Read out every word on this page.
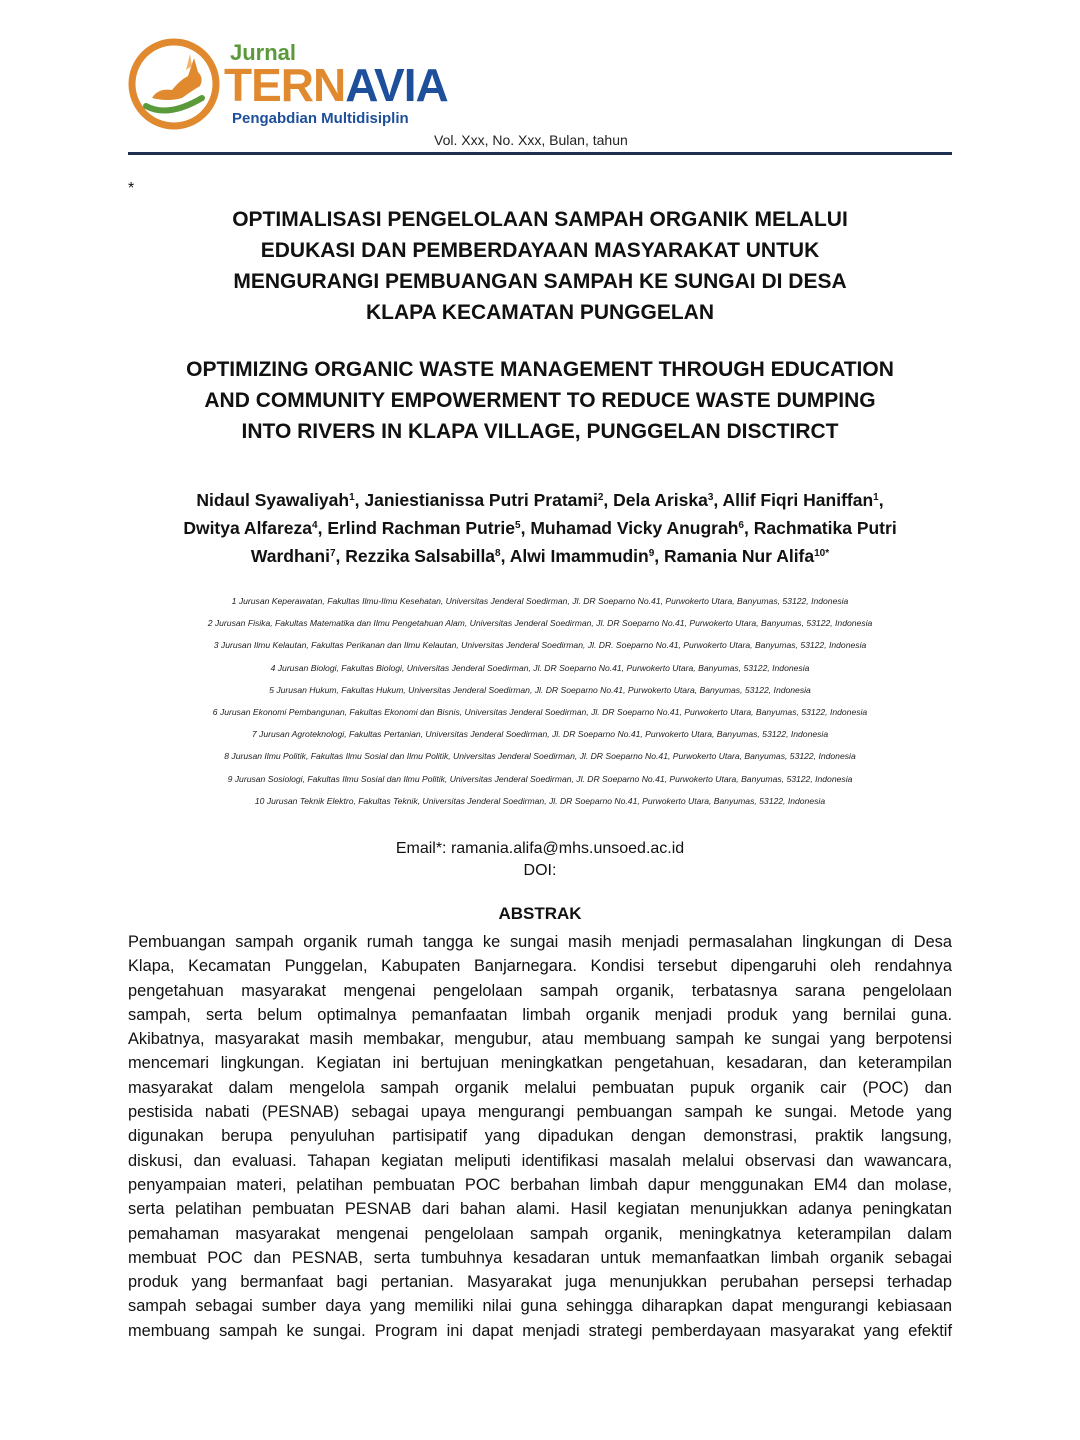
Jurnal
TERNAVIA
Pengabdian Multidisiplin
Vol. Xxx, No. Xxx, Bulan, tahun
*
OPTIMALISASI PENGELOLAAN SAMPAH ORGANIK MELALUI
EDUKASI DAN PEMBERDAYAAN MASYARAKAT UNTUK
MENGURANGI PEMBUANGAN SAMPAH KE SUNGAI DI DESA
KLAPA KECAMATAN PUNGGELAN
OPTIMIZING ORGANIC WASTE MANAGEMENT THROUGH EDUCATION
AND COMMUNITY EMPOWERMENT TO REDUCE WASTE DUMPING
INTO RIVERS IN KLAPA VILLAGE, PUNGGELAN DISCTIRCT
Nidaul Syawaliyah$^1$, Janiestianissa Putri Pratami$^2$, Dela Ariska$^3$, Allif Fiqri Haniffan$^1$,
Dwitya Alfareza$^4$, Erlind Rachman Putrie$^5$, Muhamad Vicky Anugrah$^6$, Rachmatika Putri
Wardhani$^7$, Rezzika Salsabilla$^8$, Alwi Imammudin$^9$, Ramania Nur Alifa$^{10*}$
1 Jurusan Keperawatan, Fakultas Ilmu-Ilmu Kesehatan, Universitas Jenderal Soedirman, Jl. DR Soeparno No.41, Purwokerto Utara, Banyumas, 53122, Indonesia
2 Jurusan Fisika, Fakultas Matematika dan Ilmu Pengetahuan Alam, Universitas Jenderal Soedirman, Jl. DR Soeparno No.41, Purwokerto Utara, Banyumas, 53122, Indonesia
3 Jurusan Ilmu Kelautan, Fakultas Perikanan dan Ilmu Kelautan, Universitas Jenderal Soedirman, Jl. DR. Soeparno No.41, Purwokerto Utara, Banyumas, 53122, Indonesia
4 Jurusan Biologi, Fakultas Biologi, Universitas Jenderal Soedirman, Jl. DR Soeparno No.41, Purwokerto Utara, Banyumas, 53122, Indonesia
5 Jurusan Hukum, Fakultas Hukum, Universitas Jenderal Soedirman, Jl. DR Soeparno No.41, Purwokerto Utara, Banyumas, 53122, Indonesia
6 Jurusan Ekonomi Pembangunan, Fakultas Ekonomi dan Bisnis, Universitas Jenderal Soedirman, Jl. DR Soeparno No.41, Purwokerto Utara, Banyumas, 53122, Indonesia
7 Jurusan Agroteknologi, Fakultas Pertanian, Universitas Jenderal Soedirman, Jl. DR Soeparno No.41, Purwokerto Utara, Banyumas, 53122, Indonesia
8 Jurusan Ilmu Politik, Fakultas Ilmu Sosial dan Ilmu Politik, Universitas Jenderal Soedirman, Jl. DR Soeparno No.41, Purwokerto Utara, Banyumas, 53122, Indonesia
9 Jurusan Sosiologi, Fakultas Ilmu Sosial dan Ilmu Politik, Universitas Jenderal Soedirman, Jl. DR Soeparno No.41, Purwokerto Utara, Banyumas, 53122, Indonesia
10 Jurusan Teknik Elektro, Fakultas Teknik, Universitas Jenderal Soedirman, Jl. DR Soeparno No.41, Purwokerto Utara, Banyumas, 53122, Indonesia
Email*: ramania.alifa@mhs.unsoed.ac.id
DOI:
ABSTRAK
Pembuangan sampah organik rumah tangga ke sungai masih menjadi permasalahan lingkungan di Desa
Klapa, Kecamatan Punggelan, Kabupaten Banjarnegara. Kondisi tersebut dipengaruhi oleh rendahnya
pengetahuan masyarakat mengenai pengelolaan sampah organik, terbatasnya sarana pengelolaan
sampah, serta belum optimalnya pemanfaatan limbah organik menjadi produk yang bernilai guna.
Akibatnya, masyarakat masih membakar, mengubur, atau membuang sampah ke sungai yang berpotensi
mencemari lingkungan. Kegiatan ini bertujuan meningkatkan pengetahuan, kesadaran, dan keterampilan
masyarakat dalam mengelola sampah organik melalui pembuatan pupuk organik cair (POC) dan
pestisida nabati (PESNAB) sebagai upaya mengurangi pembuangan sampah ke sungai. Metode yang
digunakan berupa penyuluhan partisipatif yang dipadukan dengan demonstrasi, praktik langsung,
diskusi, dan evaluasi. Tahapan kegiatan meliputi identifikasi masalah melalui observasi dan wawancara,
penyampaian materi, pelatihan pembuatan POC berbahan limbah dapur menggunakan EM4 dan molase,
serta pelatihan pembuatan PESNAB dari bahan alami. Hasil kegiatan menunjukkan adanya peningkatan
pemahaman masyarakat mengenai pengelolaan sampah organik, meningkatnya keterampilan dalam
membuat POC dan PESNAB, serta tumbuhnya kesadaran untuk memanfaatkan limbah organik sebagai
produk yang bermanfaat bagi pertanian. Masyarakat juga menunjukkan perubahan persepsi terhadap
sampah sebagai sumber daya yang memiliki nilai guna sehingga diharapkan dapat mengurangi kebiasaan
membuang sampah ke sungai. Program ini dapat menjadi strategi pemberdayaan masyarakat yang efektif
